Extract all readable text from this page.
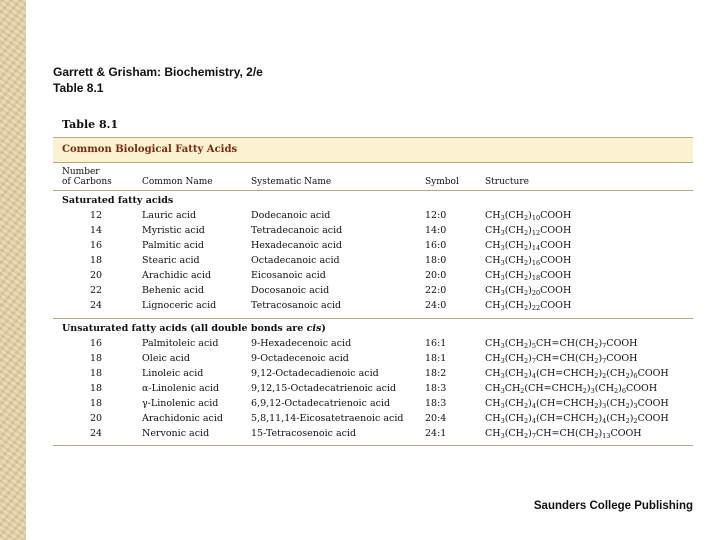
Garrett & Grisham: Biochemistry, 2/e
Table 8.1
Table 8.1
Common Biological Fatty Acids
Number
of Carbons	Common Name	Systematic Name	Symbol	Structure
Saturated fatty acids
12	Lauric acid	Dodecanoic acid	12:0	$CH_3(CH_2)_{10}COOH$
14	Myristic acid	Tetradecanoic acid	14:0	$CH_3(CH_2)_{12}COOH$
16	Palmitic acid	Hexadecanoic acid	16:0	$CH_3(CH_2)_{14}COOH$
18	Stearic acid	Octadecanoic acid	18:0	$CH_3(CH_2)_{16}COOH$
20	Arachidic acid	Eicosanoic acid	20:0	$CH_3(CH_2)_{18}COOH$
22	Behenic acid	Docosanoic acid	22:0	$CH_3(CH_2)_{20}COOH$
24	Lignoceric acid	Tetracosanoic acid	24:0	$CH_3(CH_2)_{22}COOH$
Unsaturated fatty acids (all double bonds are cis)
16	Palmitoleic acid	9-Hexadecenoic acid	16:1	$CH_3(CH_2)_5CH=CH(CH_2)_7COOH$
18	Oleic acid	9-Octadecenoic acid	18:1	$CH_3(CH_2)_7CH=CH(CH_2)_7COOH$
18	Linoleic acid	9,12-Octadecadienoic acid	18:2	$CH_3(CH_2)_4(CH=CHCH_2)_2(CH_2)_6COOH$
18	α-Linolenic acid	9,12,15-Octadecatrienoic acid	18:3	$CH_3CH_2(CH=CHCH_2)_3(CH_2)_6COOH$
18	γ-Linolenic acid	6,9,12-Octadecatrienoic acid	18:3	$CH_3(CH_2)_4(CH=CHCH_2)_3(CH_2)_3COOH$
20	Arachidonic acid	5,8,11,14-Eicosatetraenoic acid 20:4	$CH_3(CH_2)_4(CH=CHCH_2)_4(CH_2)_2COOH$
24	Nervonic acid	15-Tetracosenoic acid	24:1	$CH_3(CH_2)_7CH=CH(CH_2)_{13}COOH$
Saunders College Publishing
